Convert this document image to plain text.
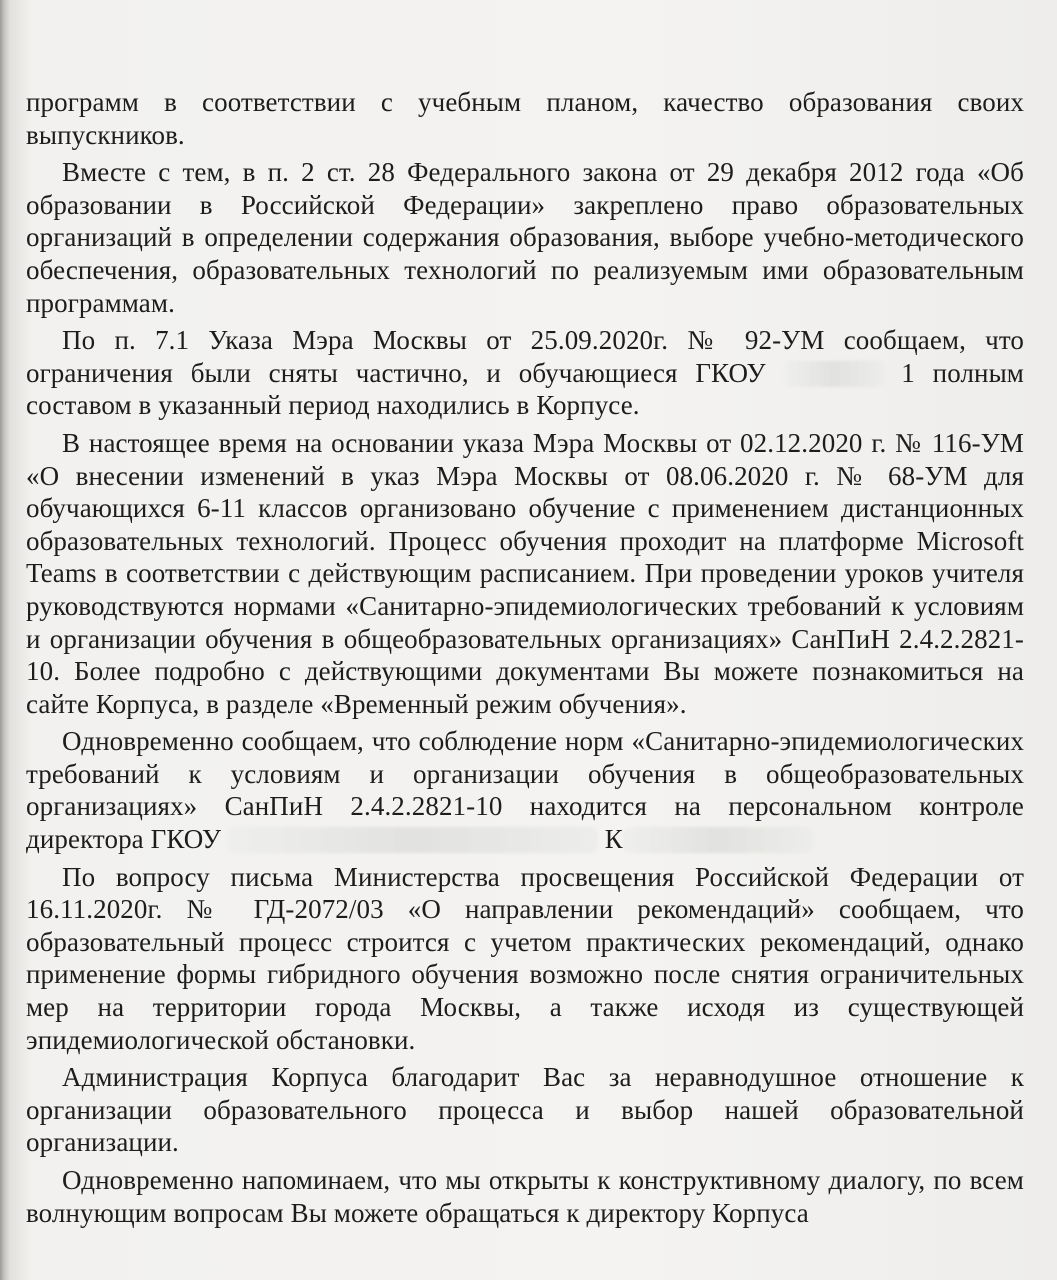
программ в соответствии с учебным планом, качество образования своих выпускников.

Вместе с тем, в п. 2 ст. 28 Федерального закона от 29 декабря 2012 года «Об образовании в Российской Федерации» закреплено право образовательных организаций в определении содержания образования, выборе учебно-методического обеспечения, образовательных технологий по реализуемым ими образовательным программам.

По п. 7.1 Указа Мэра Москвы от 25.09.2020г. № 92-УМ сообщаем, что ограничения были сняты частично, и обучающиеся ГКОУ	1 полным составом в указанный период находились в Корпусе.

В настоящее время на основании указа Мэра Москвы от 02.12.2020 г. № 116-УМ «О внесении изменений в указ Мэра Москвы от 08.06.2020 г. № 68-УМ для обучающихся 6-11 классов организовано обучение с применением дистанционных образовательных технологий. Процесс обучения проходит на платформе Microsoft Teams в соответствии с действующим расписанием. При проведении уроков учителя руководствуются нормами «Санитарно-эпидемиологических требований к условиям и организации обучения в общеобразовательных организациях» СанПиН 2.4.2.2821-10. Более подробно с действующими документами Вы можете познакомиться на сайте Корпуса, в разделе «Временный режим обучения».

Одновременно сообщаем, что соблюдение норм «Санитарно-эпидемиологических требований к условиям и организации обучения в общеобразовательных организациях» СанПиН 2.4.2.2821-10 находится на персональном контроле директора ГКОУ	К

По вопросу письма Министерства просвещения Российской Федерации от 16.11.2020г. № ГД-2072/03 «О направлении рекомендаций» сообщаем, что образовательный процесс строится с учетом практических рекомендаций, однако применение формы гибридного обучения возможно после снятия ограничительных мер на территории города Москвы, а также исходя из существующей эпидемиологической обстановки.

Администрация Корпуса благодарит Вас за неравнодушное отношение к организации образовательного процесса и выбор нашей образовательной организации.

Одновременно напоминаем, что мы открыты к конструктивному диалогу, по всем волнующим вопросам Вы можете обращаться к директору Корпуса
